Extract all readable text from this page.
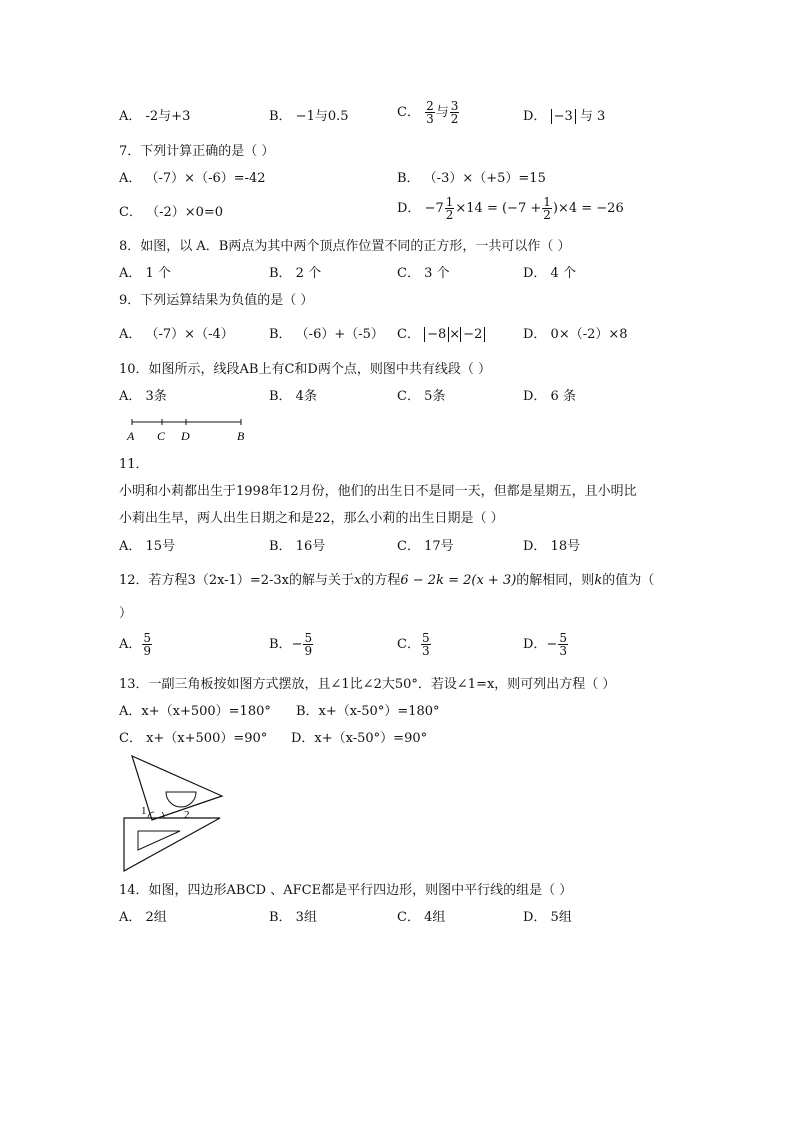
A． -2与+3	B． −1与0.5	C． $\frac{2}{3}$ 与 $\frac{3}{2}$	D． −3 与 3
7．下列计算正确的是（ ）
A． （-7）×（-6）=-42	B． （-3）×（+5）=15
C． （-2）×0=0	D． $-7 \frac{1}{2} \times 14 = (-7 + \frac{1}{2} )\times 4 = -26$
8．如图，以 A．B两点为其中两个顶点作位置不同的正方形，一共可以作（ ）
A． 1 个	B． 2 个	C． 3 个	D． 4 个
9．下列运算结果为负值的是（ ）
A． （-7）×（-4）	B． （-6）+（-5） C． −8 × −2	D． 0×（-2）×8
10．如图所示，线段AB上有C和D两个点，则图中共有线段（ ）
A． 3条	B． 4条	C． 5条	D． 6 条
A C D	B
11．
小明和小莉都出生于1998年12月份，他们的出生日不是同一天，但都是星期五，且小明比
小莉出生早，两人出生日期之和是22，那么小莉的出生日期是（ ）
A． 15号	B． 16号	C． 17号	D． 18号
12．若方程3（2x-1）=2-3x的解与关于x的方程6 − 2k = 2(x + 3)的解相同，则k的值为（
）
A． $\frac{5}{9}$	B．− $\frac{5}{9}$	C． $\frac{5}{3}$	D．− $\frac{5}{3}$
13．一副三角板按如图方式摆放，且∠1比∠2大50°．若设∠1=x，则可列出方程（ ）
A．x+（x+500）=180° B．x+（x-50°）=180°
C． x+（x+500）=90° D．x+（x-50°）=90°
1	2
14．如图，四边形ABCD 、AFCE都是平行四边形，则图中平行线的组是（ ）
A． 2组	B． 3组	C． 4组	D． 5组
